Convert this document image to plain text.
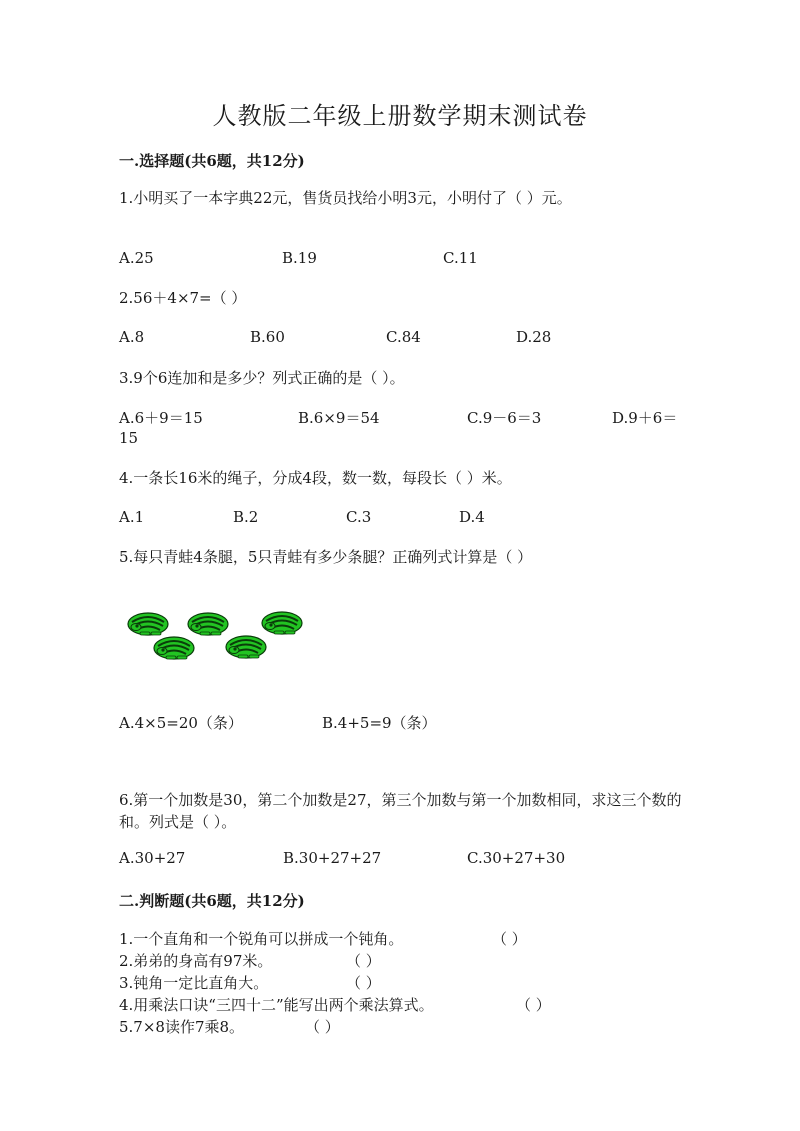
人教版二年级上册数学期末测试卷
一.选择题(共6题，共12分)
1.小明买了一本字典22元，售货员找给小明3元，小明付了（ ）元。
A.25	B.19	C.11
2.56＋4×7=（ ）
A.8	B.60	C.84	D.28
3.9个6连加和是多少？列式正确的是（ ）。
A.6＋9＝15	B.6×9＝54	C.9－6＝3	D.9＋6＝
15
4.一条长16米的绳子，分成4段，数一数，每段长（ ）米。
A.1	B.2	C.3	D.4
5.每只青蛙4条腿，5只青蛙有多少条腿？正确列式计算是（ ）
A.4×5=20（条）	B.4+5=9（条）
6.第一个加数是30，第二个加数是27，第三个加数与第一个加数相同，求这三个数的和。列式是（ ）。
A.30+27	B.30+27+27	C.30+27+30
二.判断题(共6题，共12分)
1.一个直角和一个锐角可以拼成一个钝角。	（ ）
2.弟弟的身高有97米。	（ ）
3.钝角一定比直角大。	（ ）
4.用乘法口诀“三四十二”能写出两个乘法算式。	（ ）
5.7×8读作7乘8。	（ ）
